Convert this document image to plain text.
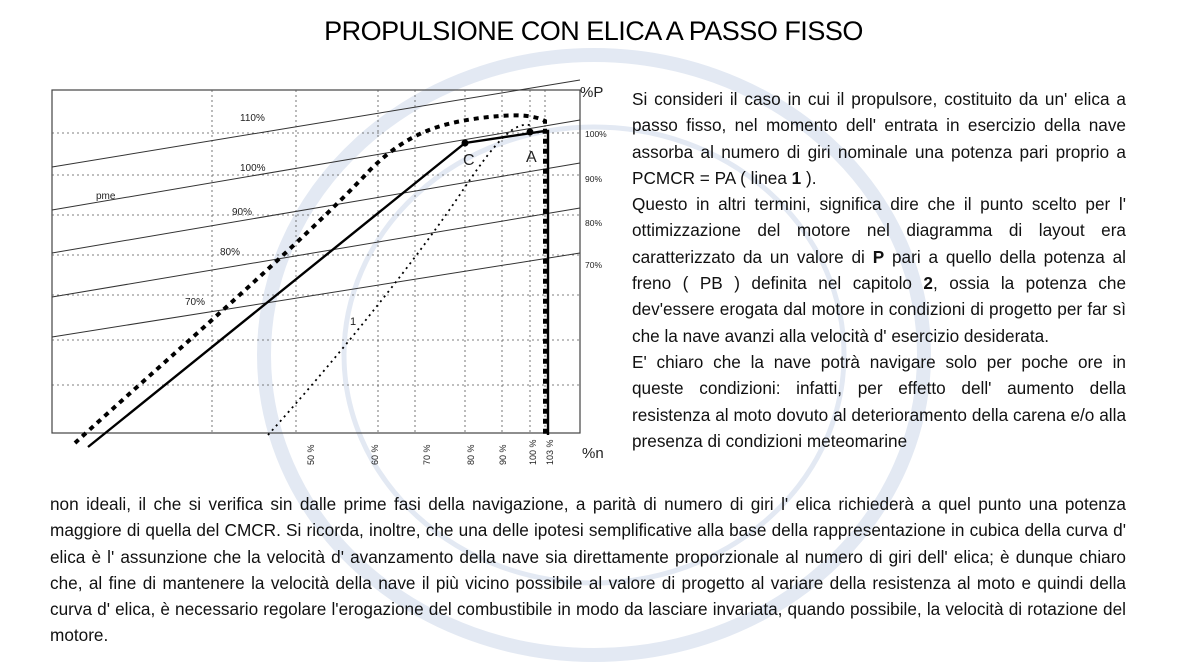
PROPULSIONE CON ELICA A PASSO FISSO
C	A
1
pme
%P
%n
100%
90%
80%
70%
50 %	60 %	70 %	80 % 90 % 100 % 103 %
110%
100%
90%
80%
70%

Si consideri il caso in cui il propulsore, costituito da un' elica a passo fisso, nel momento dell' entrata in esercizio della nave assorba al numero di giri nominale una potenza pari proprio a PCMCR = PA ( linea 1 ).

Questo in altri termini, significa dire che il punto scelto per l' ottimizzazione del motore nel diagramma di layout era caratterizzato da un valore di P pari a quello della potenza al freno ( PB ) definita nel capitolo 2, ossia la potenza che dev'essere erogata dal motore in condizioni di progetto per far sì che la nave avanzi alla velocità d' esercizio desiderata.

E' chiaro che la nave potrà navigare solo per poche ore in queste condizioni: infatti, per effetto dell' aumento della resistenza al moto dovuto al deterioramento della carena e/o alla presenza di condizioni meteomarine

non ideali, il che si verifica sin dalle prime fasi della navigazione, a parità di numero di giri l' elica richiederà a quel punto una potenza maggiore di quella del CMCR. Si ricorda, inoltre, che una delle ipotesi semplificative alla base della rappresentazione in cubica della curva d' elica è l' assunzione che la velocità d' avanzamento della nave sia direttamente proporzionale al numero di giri dell' elica; è dunque chiaro che, al fine di mantenere la velocità della nave il più vicino possibile al valore di progetto al variare della resistenza al moto e quindi della curva d' elica, è necessario regolare l'erogazione del combustibile in modo da lasciare invariata, quando possibile, la velocità di rotazione del motore.
